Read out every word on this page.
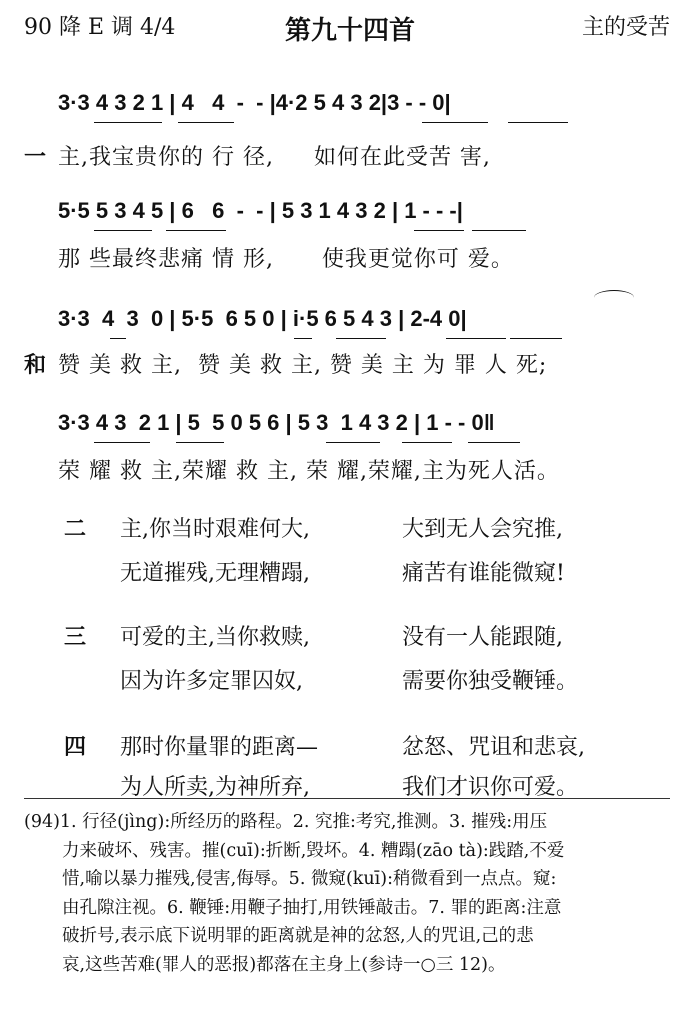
90 降 E 调 4/4	第九十四首	主的受苦
3·3 4 3 2 1 | 4   4  -  - |4·2 5 4 3 2|3 - - 0|
一 主,我宝贵你的 行 径,     如何在此受苦 害,
5·5 5 3 4 5 | 6   6  -  - | 5 3 1 4 3 2 | 1 - - -|
那 些最终悲痛 情 形,      使我更觉你可 爱。
3·3  4  3  0 | 5·5  6 5 0 | i·5 6 5 4 3 | 2-4 0|
和 赞 美 救 主,  赞 美 救 主, 赞 美 主 为 罪 人 死;
3·3 4 3  2 1 | 5  5 0 5 6 | 5 3  1 4 3 2 | 1 - - 0‖
荣 耀 救 主,荣耀 救 主, 荣 耀,荣耀,主为死人活。
二 主,你当时艰难何大,	大到无人会究推,
无道摧残,无理糟蹋,	痛苦有谁能微窥!
三 可爱的主,当你救赎,	没有一人能跟随,
因为许多定罪囚奴,	需要你独受鞭锤。
四 那时你量罪的距离—	忿怒、咒诅和悲哀,
为人所卖,为神所弃,	我们才识你可爱。
(94)1. 行径(jìng):所经历的路程。2. 究推:考究,推测。3. 摧残:用压
力来破坏、残害。摧(cuī):折断,毁坏。4. 糟蹋(zāo tà):践踏,不爱
惜,喻以暴力摧残,侵害,侮辱。5. 微窥(kuī):稍微看到一点点。窥:
由孔隙注视。6. 鞭锤:用鞭子抽打,用铁锤敲击。7. 罪的距离:注意
破折号,表示底下说明罪的距离就是神的忿怒,人的咒诅,己的悲
哀,这些苦难(罪人的恶报)都落在主身上(参诗一○三 12)。
